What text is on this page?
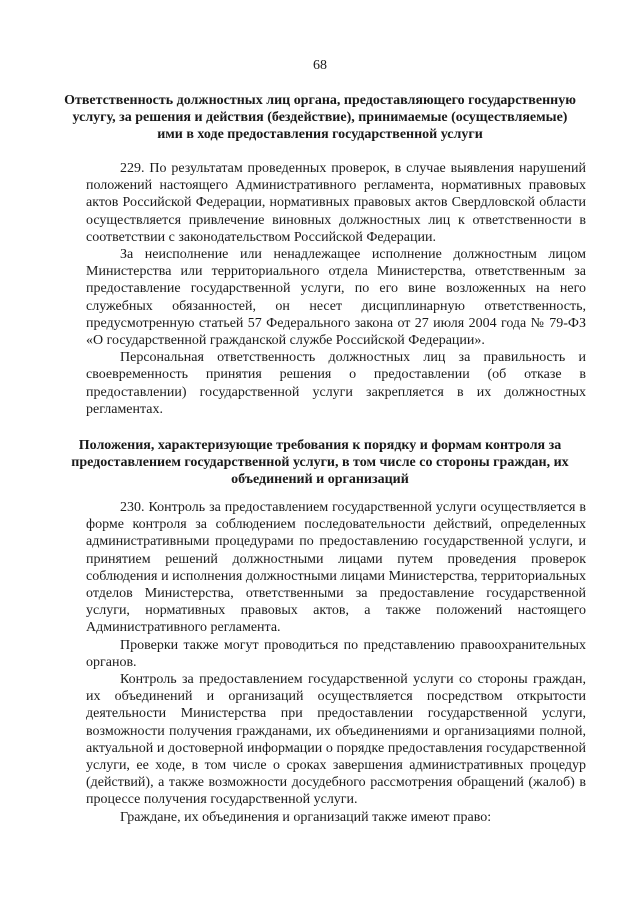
68
Ответственность должностных лиц органа, предоставляющего государственную услугу, за решения и действия (бездействие), принимаемые (осуществляемые) ими в ходе предоставления государственной услуги

229. По результатам проведенных проверок, в случае выявления нарушений положений настоящего Административного регламента, нормативных правовых актов Российской Федерации, нормативных правовых актов Свердловской области осуществляется привлечение виновных должностных лиц к ответственности в соответствии с законодательством Российской Федерации.

За неисполнение или ненадлежащее исполнение должностным лицом Министерства или территориального отдела Министерства, ответственным за предоставление государственной услуги, по его вине возложенных на него служебных обязанностей, он несет дисциплинарную ответственность, предусмотренную статьей 57 Федерального закона от 27 июля 2004 года № 79-ФЗ «О государственной гражданской службе Российской Федерации».

Персональная ответственность должностных лиц за правильность и своевременность принятия решения о предоставлении (об отказе в предоставлении) государственной услуги закрепляется в их должностных регламентах.

Положения, характеризующие требования к порядку и формам контроля за предоставлением государственной услуги, в том числе со стороны граждан, их объединений и организаций

230. Контроль за предоставлением государственной услуги осуществляется в форме контроля за соблюдением последовательности действий, определенных административными процедурами по предоставлению государственной услуги, и принятием решений должностными лицами путем проведения проверок соблюдения и исполнения должностными лицами Министерства, территориальных отделов Министерства, ответственными за предоставление государственной услуги, нормативных правовых актов, а также положений настоящего Административного регламента.

Проверки также могут проводиться по представлению правоохранительных органов.

Контроль за предоставлением государственной услуги со стороны граждан, их объединений и организаций осуществляется посредством открытости деятельности Министерства при предоставлении государственной услуги, возможности получения гражданами, их объединениями и организациями полной, актуальной и достоверной информации о порядке предоставления государственной услуги, ее ходе, в том числе о сроках завершения административных процедур (действий), а также возможности досудебного рассмотрения обращений (жалоб) в процессе получения государственной услуги.

Граждане, их объединения и организаций также имеют право:
